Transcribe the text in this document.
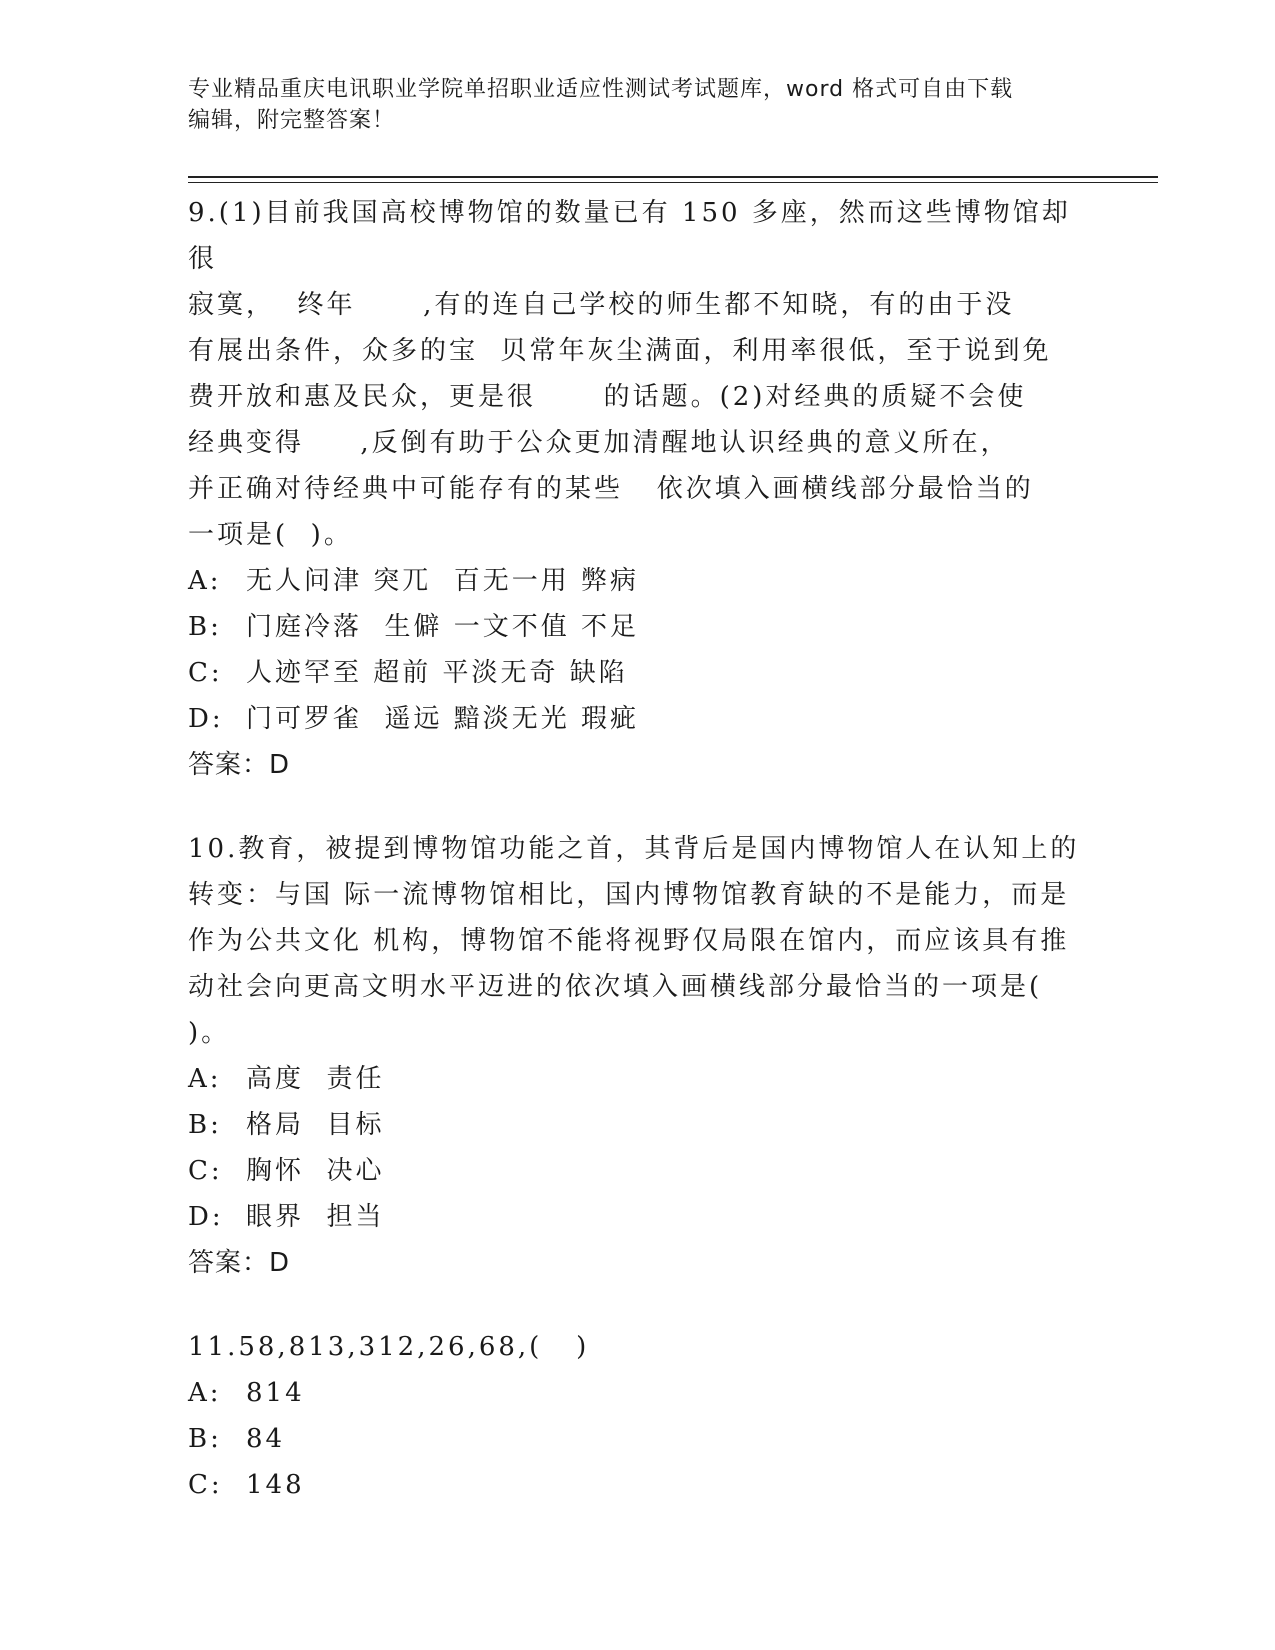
专业精品重庆电讯职业学院单招职业适应性测试考试题库，word 格式可自由下载
编辑，附完整答案！

9.(1)目前我国高校博物馆的数量已有 150 多座，然而这些博物馆却很

寂寞，  终年      ,有的连自己学校的师生都不知晓，有的由于没

有展出条件，众多的宝  贝常年灰尘满面，利用率很低，至于说到免

费开放和惠及民众，更是很      的话题。(2)对经典的质疑不会使

经典变得     ,反倒有助于公众更加清醒地认识经典的意义所在，

并正确对待经典中可能存有的某些   依次填入画横线部分最恰当的

一项是(  )。

A: 无人问津 突兀  百无一用 弊病

B: 门庭冷落  生僻 一文不值 不足

C: 人迹罕至 超前 平淡无奇 缺陷

D: 门可罗雀  遥远 黯淡无光 瑕疵

答案：D

10.教育，被提到博物馆功能之首，其背后是国内博物馆人在认知上的

转变：与国 际一流博物馆相比，国内博物馆教育缺的不是能力，而是

作为公共文化 机构，博物馆不能将视野仅局限在馆内，而应该具有推

动社会向更高文明水平迈进的依次填入画横线部分最恰当的一项是(

)。

A: 高度  责任

B: 格局  目标

C: 胸怀  决心

D: 眼界  担当

答案：D

11.58,813,312,26,68,(   )

A: 814

B: 84

C: 148
